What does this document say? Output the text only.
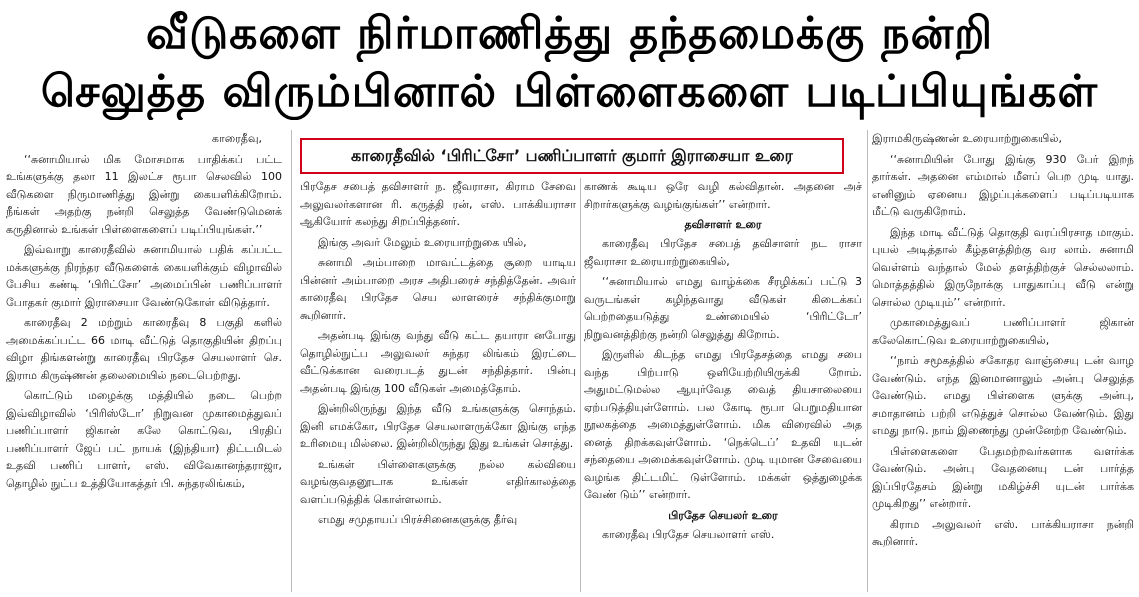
வீடுகளை நிர்மாணித்து தந்தமைக்கு நன்றி
செலுத்த விரும்பினால் பிள்ளைகளை படிப்பியுங்கள்
காரைதீவில் ‘பிரிட்சோ’ பணிப்பாளர் குமார் இராசையா உரை

காரைதீவு,

‘‘சுனாமியால் மிக மோசமாக பாதிக்கப் பட்ட உங்களுக்கு தலா 11 இலட்ச ரூபா செலவில் 100 வீடுகளை நிருமாணித்து இன்று கையளிக்கிறோம். நீங்கள் அதற்கு நன்றி செலுத்த வேண்டுமெனக் கருதினால் உங்கள் பிள்ளைகளைப் படிப்பியுங்கள்.’’

இவ்வாறு காரைதீவில் சுனாமியால் பதிக் கப்பட்ட மக்களுக்கு நிரந்தர வீடுகளைக் கையளிக்கும் விழாவில் பேசிய கண்டி ‘பிரிட்சோ’ அமைப்பின் பணிப்பாளர் போதகர் குமார் இராசையா வேண்டுகோள் விடுத்தார்.

காரைதீவு 2 மற்றும் காரைதீவு 8 பகுதி களில் அமைக்கப்பட்ட 66 மாடி வீட்டுத் தொகுதியின் திறப்பு விழா திங்களன்று காரைதீவு பிரதேச செயலாளர் செ. இராம கிருஷ்ணன் தலைமையில் நடைபெற்றது.

கொட்டும் மழைக்கு மத்தியில் நடை பெற்ற இவ்விழாவில் ‘பிரிஸ்டோ’ நிறுவன முகாமைத்துவப் பணிப்பாளர் ஜிகான் கலே கொட்டுவ, பிரதிப் பணிப்பாளர் ஜேப் பட் நாயக் (இந்தியா) திட்டமிடல் உதவி பணிப் பாளர், எஸ். விவேகானந்தராஜா, தொழில் நுட்ப உத்தியோகத்தர் பி. சுந்தரலிங்கம்,

பிரதேச சபைத் தவிசாளர் ந. ஜீவராசா, கிராம சேவை அலுவலர்களான ரி. கருத்தி ரன், எஸ். பாக்கியராசா ஆகியோர் கலந்து சிறப்பித்தனர்.

இங்கு அவர் மேலும் உரையாற்றுகை யில்,

சுனாமி அம்பாறை மாவட்டத்தை சூறை யாடிய பின்னர் அம்பாறை அரச அதிபரைச் சந்தித்தேன். அவர் காரைதீவு பிரதேச செய லாளரைச் சந்திக்குமாறு கூறினார்.

அதன்படி இங்கு வந்து வீடு கட்ட தயாரா னபோது தொழில்நுட்ப அலுவலர் சுந்தர லிங்கம் இரட்டை வீட்டுக்கான வரைபடத் துடன் சந்தித்தார். பின்பு அதன்படி இங்கு 100 வீடுகள் அமைத்தோம்.

இன்றிலிருந்து இந்த வீடு உங்களுக்கு சொந்தம். இனி எமக்கோ, பிரதேச செயலாளருக்கோ இங்கு எந்த உரிமையு மில்லை. இன்றிலிருந்து இது உங்கள் சொத்து.

உங்கள் பிள்ளைகளுக்கு நல்ல கல்வியை வழங்குவதனூடாக உங்கள் எதிர்காலத்தை வளப்படுத்திக் கொள்ளலாம்.

எமது சமுதாயப் பிரச்சினைகளுக்கு தீர்வு

காணக் கூடிய ஒரே வழி கல்விதான். அதனை அச் சிறார்களுக்கு வழங்குங்கள்’’ என்றார்.

தவிசாளர் உரை

காரைதீவு பிரதேச சபைத் தவிசாளர் நட ராசா ஜீவராசா உரையாற்றுகையில்,

‘‘சுனாமியால் எமது வாழ்க்கை சீரழிக்கப் பட்டு 3 வருடங்கள் கழிந்தவாது வீடுகள் கிடைக்கப் பெற்றதையடுத்து உண்மையில் ‘பிரிட்டோ’ நிறுவனத்திற்கு நன்றி செலுத்து கிறோம்.

இருளில் கிடந்த எமது பிரதேசத்தை எமது சபை வந்த பிற்பாடு ஒளியேற்றியிருக்கி றோம். அதுமட்டுமல்ல ஆயுர்வேத வைத் தியசாலையை ஏற்படுத்தியுள்ளோம். பல கோடி ரூபா பெறுமதியான நூலகத்தை அமைத்துள்ளோம். மிக விரைவில் அத னைத் திறக்கவுள்ளோம். ‘நெக்டெப்’ உதவி யுடன் சந்தையை அமைக்கவுள்ளோம். முடி யுமான சேவையை வழங்க திட்டமிட் டுள்ளோம். மக்கள் ஒத்துழைக்க வேண் டும்’’ என்றார்.

பிரதேச செயலர் உரை

காரைதீவு பிரதேச செயலாளர் எஸ்.

இராமகிருஷ்ணன் உரையாற்றுகையில்,

‘‘சுனாமியின் போது இங்கு 930 பேர் இறந் தார்கள். அதனை எம்மால் மீளப் பெற முடி யாது. எனினும் ஏனைய இழப்புக்களைப் படிப்படியாக மீட்டு வருகிறோம்.

இந்த மாடி வீட்டுத் தொகுதி வரப்பிரசாத மாகும். புயல் அடித்தால் கீழ்தளத்திற்கு வர லாம். சுனாமி வெள்ளம் வந்தால் மேல் தளத்திற்குச் செல்லலாம். மொத்தத்தில் இருநோக்கு பாதுகாப்பு வீடு என்று சொல்ல முடியும்’’ என்றார்.

முகாமைத்துவப் பணிப்பாளர் ஜிகான் கலேகொட்டுவ உரையாற்றுகையில்,

‘‘நாம் சமூகத்தில் சகோதர வாஞ்சையு டன் வாழ வேண்டும். எந்த இனமானாலும் அன்பு செலுத்த வேண்டும். எமது பிள்ளைக ளுக்கு அன்பு, சமாதானம் பற்றி எடுத்துச் சொல்ல வேண்டும். இது எமது நாடு. நாம் இணைந்து முன்னேற்ற வேண்டும்.

பிள்ளைகளை பேதமற்றவர்களாக வளர்க்க வேண்டும். அன்பு வேதனையு டன் பார்த்த இப்பிரதேசம் இன்று மகிழ்ச்சி யுடன் பார்க்க முடிகிறது’’ என்றார்.

கிராம அலுவலர் எஸ். பாக்கியராசா நன்றி கூறினார்.
